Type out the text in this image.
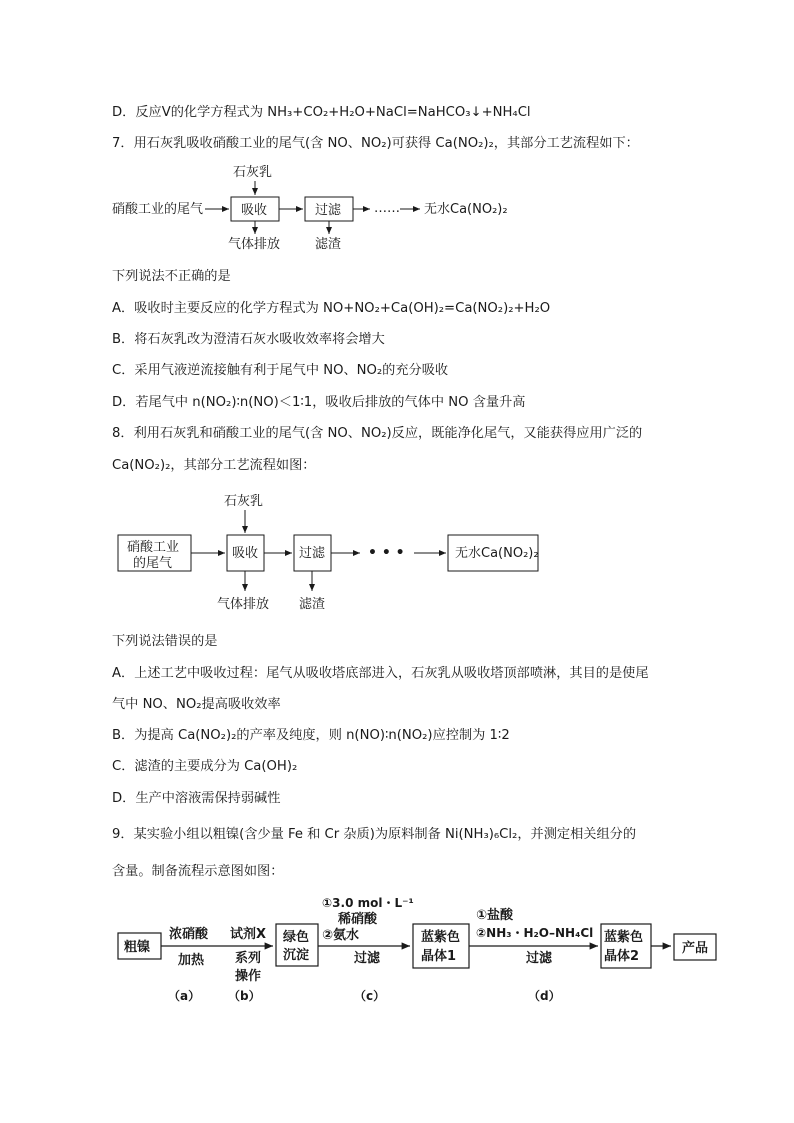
D．反应Ⅴ的化学方程式为 NH₃+CO₂+H₂O+NaCl=NaHCO₃↓+NH₄Cl
7．用石灰乳吸收硝酸工业的尾气(含 NO、NO₂)可获得 Ca(NO₂)₂，其部分工艺流程如下：
硝酸工业的尾气
石灰乳
吸收
气体排放
过滤
滤渣
…… 无水Ca(NO₂)₂
下列说法不正确的是
A．吸收时主要反应的化学方程式为 NO+NO₂+Ca(OH)₂=Ca(NO₂)₂+H₂O
B．将石灰乳改为澄清石灰水吸收效率将会增大
C．采用气液逆流接触有利于尾气中 NO、NO₂的充分吸收
D．若尾气中 n(NO₂)∶n(NO)＜1∶1，吸收后排放的气体中 NO 含量升高
8．利用石灰乳和硝酸工业的尾气(含 NO、NO₂)反应，既能净化尾气，又能获得应用广泛的
Ca(NO₂)₂，其部分工艺流程如图：
石灰乳
硝酸工业
的尾气
吸收
气体排放
过滤
滤渣
• • •	无水Ca(NO₂)₂
下列说法错误的是
A．上述工艺中吸收过程：尾气从吸收塔底部进入，石灰乳从吸收塔顶部喷淋，其目的是使尾
气中 NO、NO₂提高吸收效率
B．为提高 Ca(NO₂)₂的产率及纯度，则 n(NO)∶n(NO₂)应控制为 1∶2
C．滤渣的主要成分为 Ca(OH)₂
D．生产中溶液需保持弱碱性
9．某实验小组以粗镍(含少量 Fe 和 Cr 杂质)为原料制备 Ni(NH₃)₆Cl₂，并测定相关组分的
含量。制备流程示意图如图：
粗镍
浓硝酸
加热
（a）
试剂X
系列
操作
（b）
绿色
沉淀
①3.0 mol・L⁻¹
稀硝酸
②氨水
过滤
（c）
蓝紫色
晶体1
①盐酸
②NH₃・H₂O–NH₄Cl
过滤
（d）
蓝紫色
晶体2
产品
